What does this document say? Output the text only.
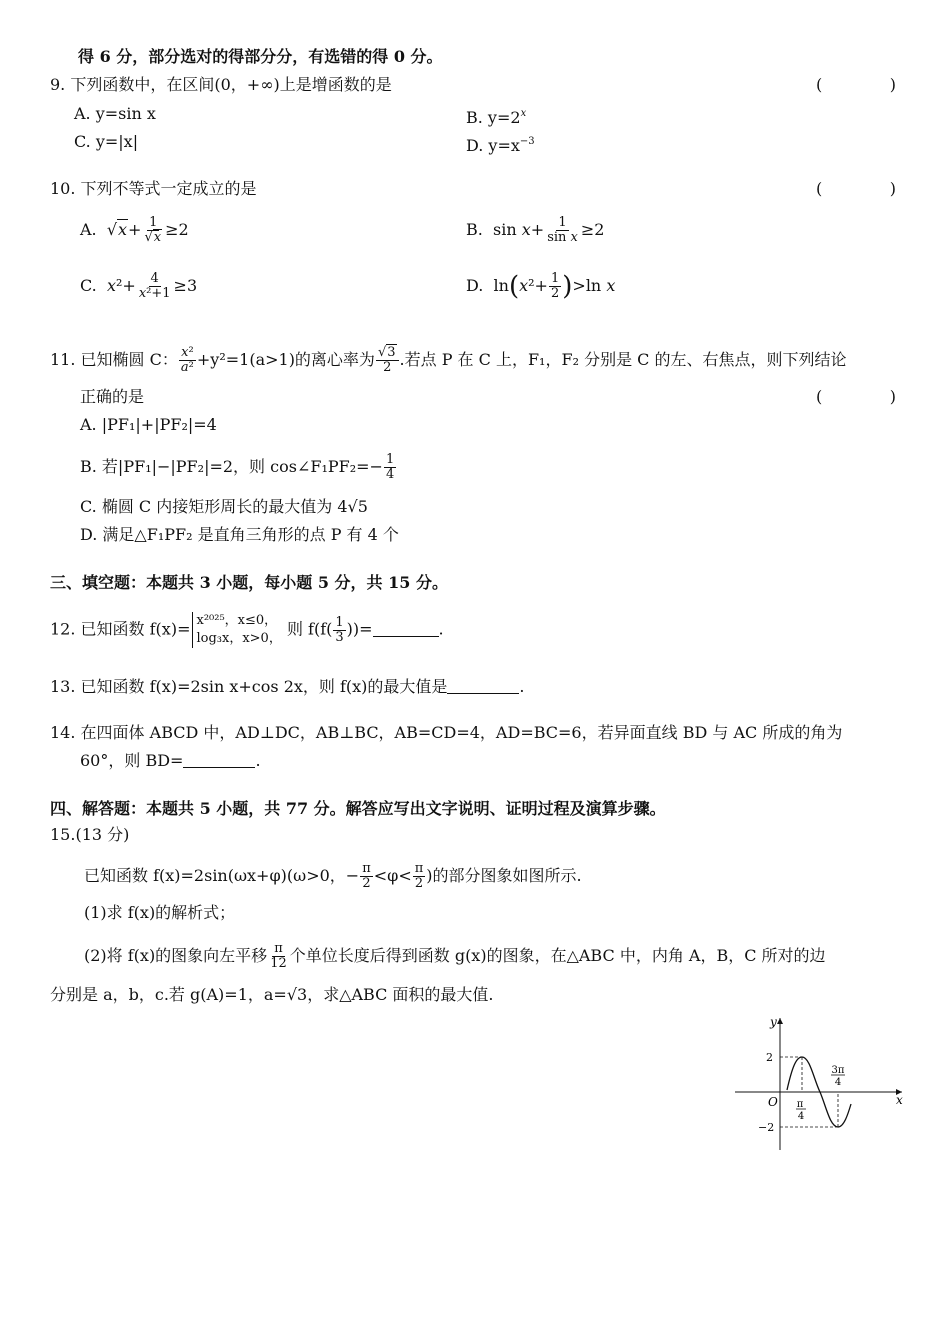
得 6 分，部分选对的得部分分，有选错的得 0 分。
9. 下列函数中，在区间(0，+∞)上是增函数的是	(	)
A. y=sin x	B. $y=2^x$
C. y=|x|	D. $y=x^{-3}$
10. 下列不等式一定成立的是	(	)
A.  $√x+ \frac{1}{√x} \ge 2$	B.  $\sin x+ \frac{1}{\text{sin x}} \ge 2$
C. $x^2+ \frac{4}{\text{x²+1}} \ge 3$	D.  $\ln(x^2+ \frac{1}{2} )>\ln$ x
11. 已知椭圆 C： $\frac{\text{x²}}{\text{a²}} +y^2=1(a>1)$的离心率为 $\frac{√3}{2}$ .若点 P 在 C 上，F₁，F₂ 分别是 C 的左、右焦点，则下列结论
正确的是	(	)
A. |PF₁|+|PF₂|=4
B. 若|PF₁|−|PF₂|=2，则 cos∠F₁PF₂=− $\frac{1}{4}$
C. 椭圆 C 内接矩形周长的最大值为 4√5
D. 满足△F₁PF₂ 是直角三角形的点 P 有 4 个
三、填空题：本题共 3 小题，每小题 5 分，共 15 分。
12. 已知函数 f(x)= x²⁰²⁵，x≤0，
log₃x，x>0， 则 $f(f( \frac{1}{3}$ ))=	.
13. 已知函数 f(x)=2sin x+cos 2x，则 f(x)的最大值是	.
14. 在四面体 ABCD 中，AD⊥DC，AB⊥BC，AB=CD=4，AD=BC=6，若异面直线 BD 与 AC 所成的角为
60°，则 BD=	.
四、解答题：本题共 5 小题，共 77 分。解答应写出文字说明、证明过程及演算步骤。
15.(13 分)
已知函数 f(x)=2sin(ωx+φ)(ω>0，− $\frac{\pi}{2} <\varphi< \frac{\pi}{2}$ )的部分图象如图所示.
(1)求 f(x)的解析式；
(2)将 f(x)的图象向左平移 $\frac{\pi}{12}$ 个单位长度后得到函数 g(x)的图象，在△ABC 中，内角 A，B，C 所对的边
分别是 a，b，c.若 g(A)=1，a=√3，求△ABC 面积的最大值.
y
x
O
2
−2
π
4
3π
4
